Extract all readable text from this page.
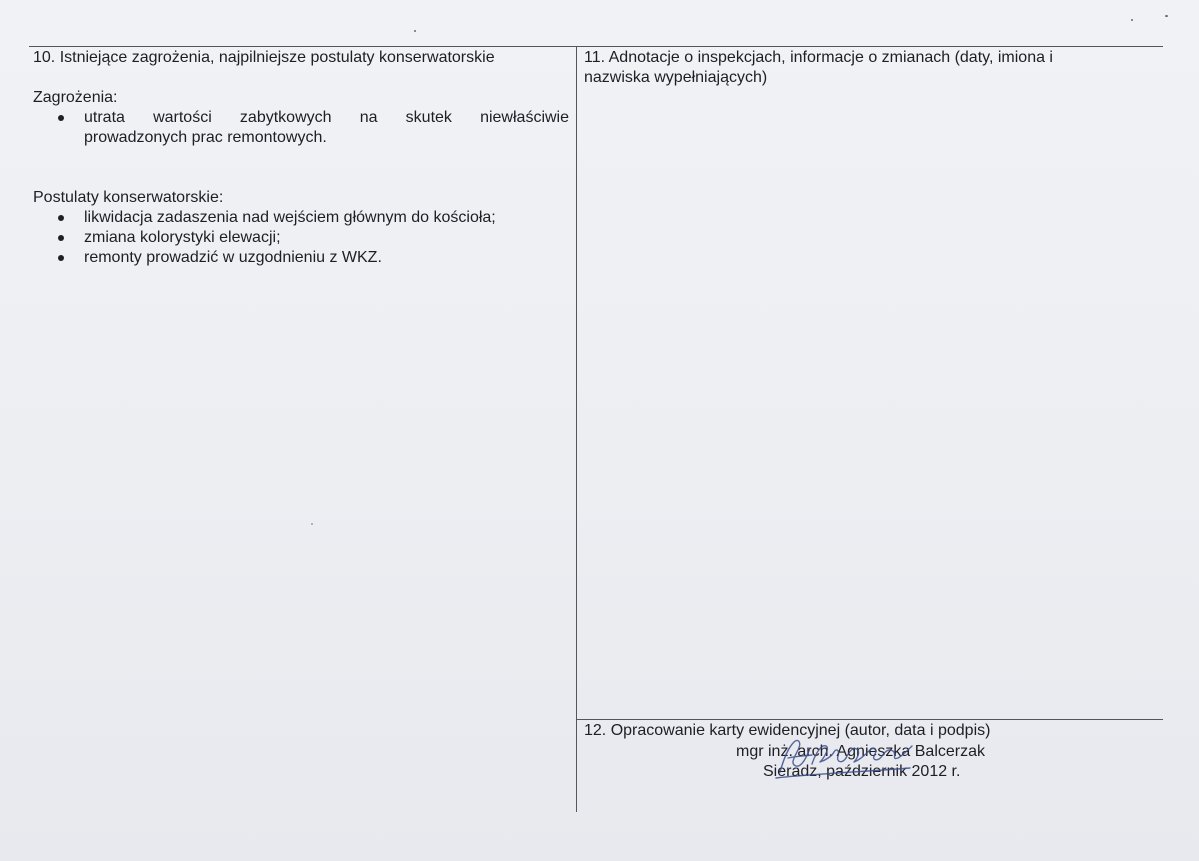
10. Istniejące zagrożenia, najpilniejsze postulaty konserwatorskie

Zagrożenia:

utrata wartości zabytkowych na skutek niewłaściwie
prowadzonych prac remontowych.

Postulaty konserwatorskie:

likwidacja zadaszenia nad wejściem głównym do kościoła;
zmiana kolorystyki elewacji;
remonty prowadzić w uzgodnieniu z WKZ.
11. Adnotacje o inspekcjach, informacje o zmianach (daty, imiona i
nazwiska wypełniających)
12. Opracowanie karty ewidencyjnej (autor, data i podpis)
mgr inż. arch. Agnieszka Balcerzak
Sieradz, październik 2012 r.
